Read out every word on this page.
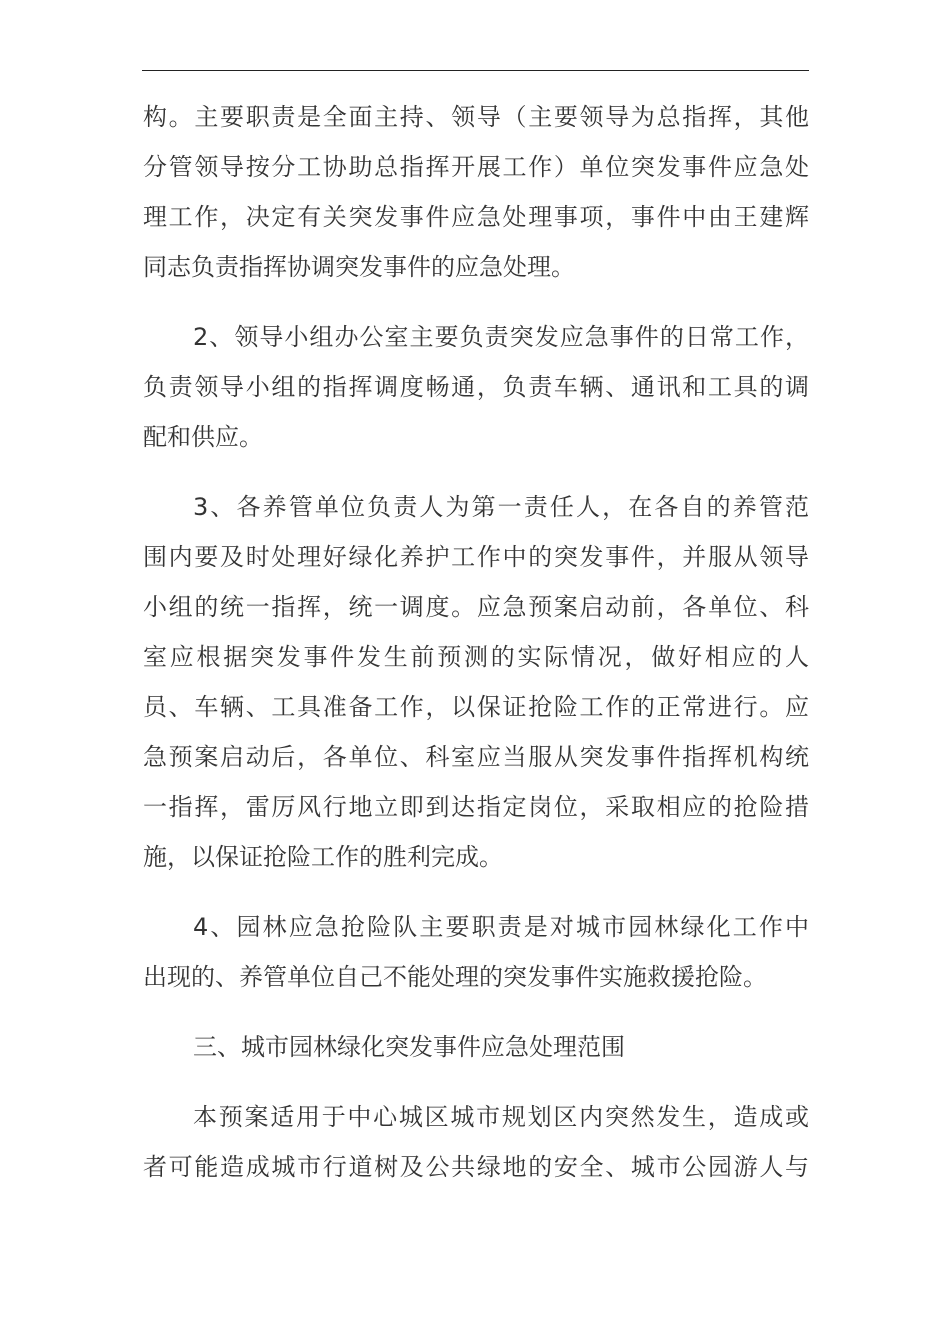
构。主要职责是全面主持、领导（主要领导为总指挥，其他
分管领导按分工协助总指挥开展工作）单位突发事件应急处
理工作，决定有关突发事件应急处理事项，事件中由王建辉
同志负责指挥协调突发事件的应急处理。
2、领导小组办公室主要负责突发应急事件的日常工作，
负责领导小组的指挥调度畅通，负责车辆、通讯和工具的调
配和供应。
3、各养管单位负责人为第一责任人，在各自的养管范
围内要及时处理好绿化养护工作中的突发事件，并服从领导
小组的统一指挥，统一调度。应急预案启动前，各单位、科
室应根据突发事件发生前预测的实际情况，做好相应的人
员、车辆、工具准备工作，以保证抢险工作的正常进行。应
急预案启动后，各单位、科室应当服从突发事件指挥机构统
一指挥，雷厉风行地立即到达指定岗位，采取相应的抢险措
施，以保证抢险工作的胜利完成。
4、园林应急抢险队主要职责是对城市园林绿化工作中
出现的、养管单位自己不能处理的突发事件实施救援抢险。
三、城市园林绿化突发事件应急处理范围
本预案适用于中心城区城市规划区内突然发生，造成或
者可能造成城市行道树及公共绿地的安全、城市公园游人与
